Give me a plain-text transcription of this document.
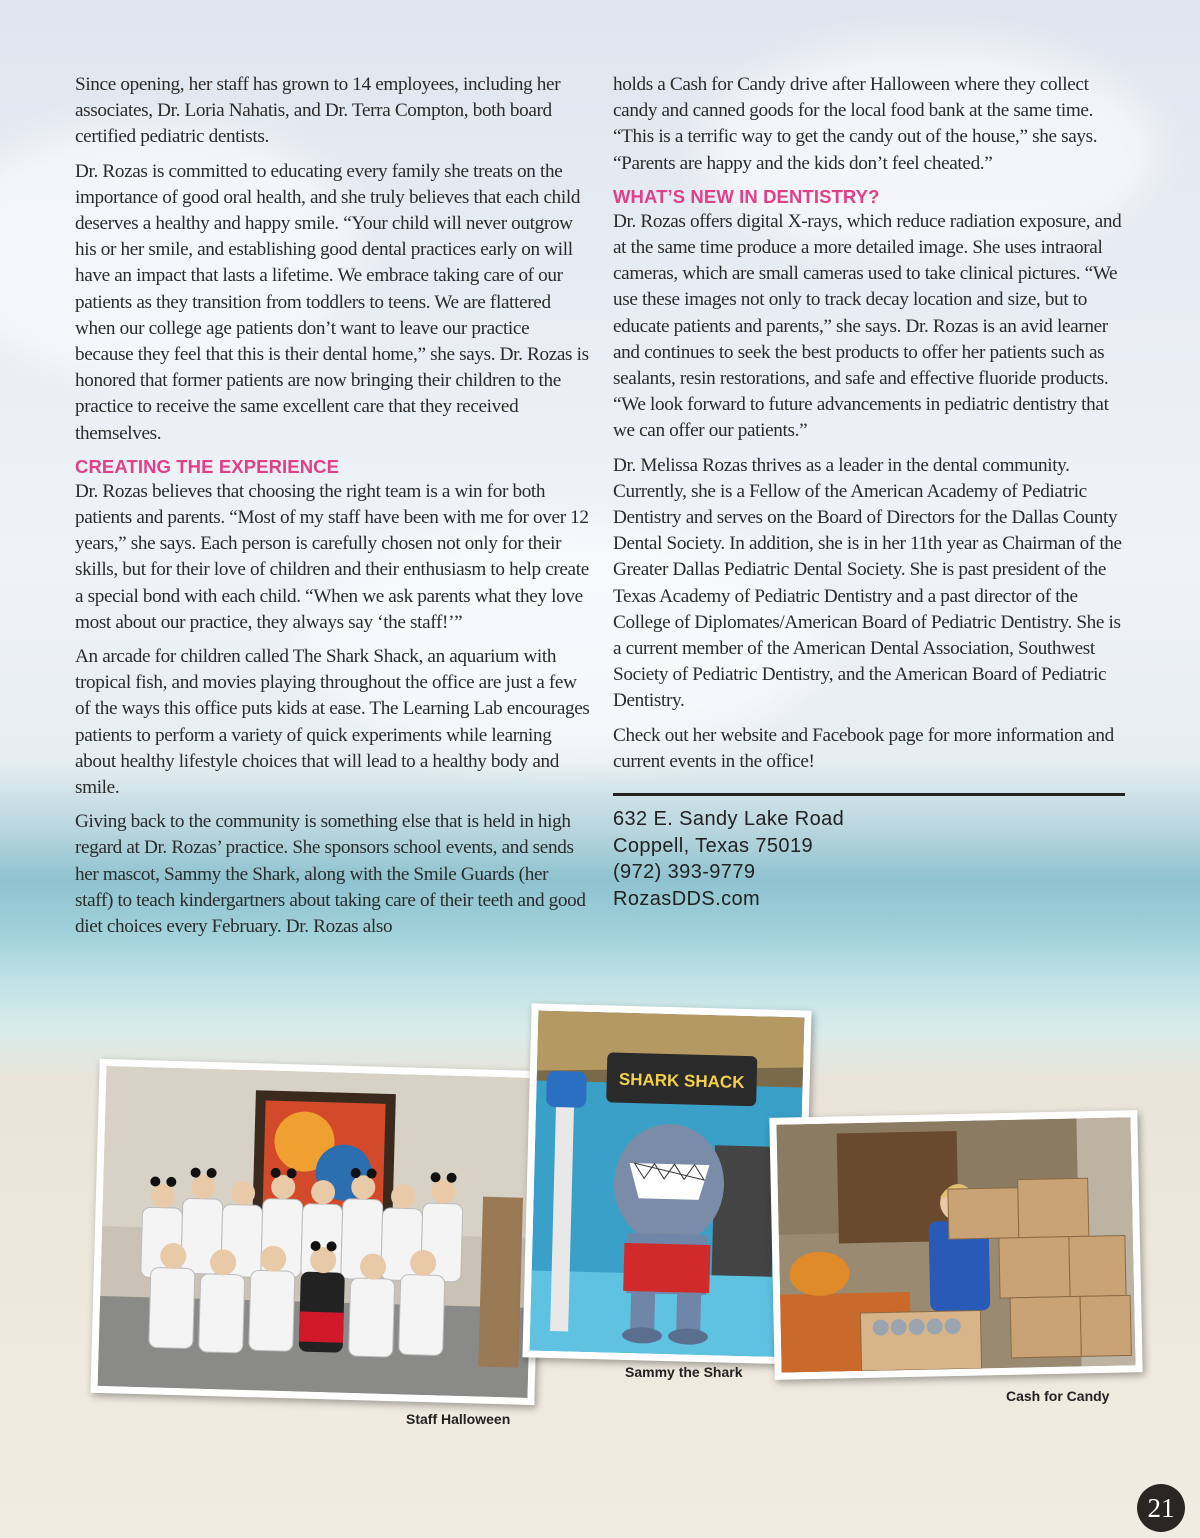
Since opening, her staff has grown to 14 employees, including her associates, Dr. Loria Nahatis, and Dr. Terra Compton, both board certified pediatric dentists.

Dr. Rozas is committed to educating every family she treats on the importance of good oral health, and she truly believes that each child deserves a healthy and happy smile. “Your child will never outgrow his or her smile, and establishing good dental practices early on will have an impact that lasts a lifetime. We embrace taking care of our patients as they transition from toddlers to teens. We are flattered when our college age patients don’t want to leave our practice because they feel that this is their dental home,” she says. Dr. Rozas is honored that former patients are now bringing their children to the practice to receive the same excellent care that they received themselves.

CREATING THE EXPERIENCE

Dr. Rozas believes that choosing the right team is a win for both patients and parents. “Most of my staff have been with me for over 12 years,” she says. Each person is carefully chosen not only for their skills, but for their love of children and their enthusiasm to help create a special bond with each child. “When we ask parents what they love most about our practice, they always say ‘the staff!’”

An arcade for children called The Shark Shack, an aquarium with tropical fish, and movies playing throughout the office are just a few of the ways this office puts kids at ease. The Learning Lab encourages patients to perform a variety of quick experiments while learning about healthy lifestyle choices that will lead to a healthy body and smile.

Giving back to the community is something else that is held in high regard at Dr. Rozas’ practice. She sponsors school events, and sends her mascot, Sammy the Shark, along with the Smile Guards (her staff) to teach kindergartners about taking care of their teeth and good diet choices every February. Dr. Rozas also

holds a Cash for Candy drive after Halloween where they collect candy and canned goods for the local food bank at the same time. “This is a terrific way to get the candy out of the house,” she says. “Parents are happy and the kids don’t feel cheated.”

WHAT’S NEW IN DENTISTRY?

Dr. Rozas offers digital X-rays, which reduce radiation exposure, and at the same time produce a more detailed image. She uses intraoral cameras, which are small cameras used to take clinical pictures. “We use these images not only to track decay location and size, but to educate patients and parents,” she says. Dr. Rozas is an avid learner and continues to seek the best products to offer her patients such as sealants, resin restorations, and safe and effective fluoride products. “We look forward to future advancements in pediatric dentistry that we can offer our patients.”

Dr. Melissa Rozas thrives as a leader in the dental community. Currently, she is a Fellow of the American Academy of Pediatric Dentistry and serves on the Board of Directors for the Dallas County Dental Society. In addition, she is in her 11th year as Chairman of the Greater Dallas Pediatric Dental Society. She is past president of the Texas Academy of Pediatric Dentistry and a past director of the College of Diplomates/American Board of Pediatric Dentistry. She is a current member of the American Dental Association, Southwest Society of Pediatric Dentistry, and the American Board of Pediatric Dentistry.

Check out her website and Facebook page for more information and current events in the office!

632 E. Sandy Lake Road
Coppell, Texas 75019
(972) 393-9779
RozasDDS.com
Staff Halloween
SHARK SHACK
Sammy the Shark
Cash for Candy
21
